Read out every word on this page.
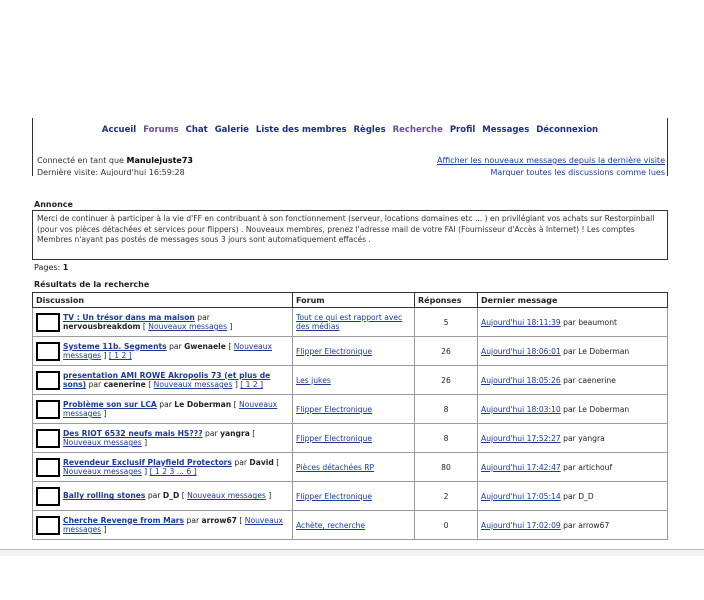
Accueil Forums Chat Galerie Liste des membres Règles Recherche Profil Messages Déconnexion
Connecté en tant que Manulejuste73
Dernière visite: Aujourd'hui 16:59:28
Afficher les nouveaux messages depuis la dernière visite
Marquer toutes les discussions comme lues
Annonce
Merci de continuer à participer à la vie d'FF en contribuant à son fonctionnement (serveur, locations domaines etc ... ) en privilégiant vos achats sur Restorpinball (pour vos pièces détachées et services pour flippers) . Nouveaux membres, prenez l'adresse mail de votre FAI (Fournisseur d'Accès à Internet) ! Les comptes Membres n'ayant pas postés de messages sous 3 jours sont automatiquement effacés .
Pages: 1
Résultats de la recherche
Discussion	Forum	Réponses	Dernier message

TV : Un trésor dans ma maison par nervousbreakdom [ Nouveaux messages ]	Tout ce qui est rapport avec des médias	5	Aujourd'hui 18:11:39 par beaumont

Systeme 11b. Segments par Gwenaele [ Nouveaux messages ] [ 1 2 ]	Flipper Electronique	26	Aujourd'hui 18:06:01 par Le Doberman

presentation AMI ROWE Akropolis 73 (et plus de sons) par caenerine [ Nouveaux messages ] [ 1 2 ]	Les jukes	26	Aujourd'hui 18:05:26 par caenerine

Problème son sur LCA par Le Doberman [ Nouveaux messages ]	Flipper Electronique	8	Aujourd'hui 18:03:10 par Le Doberman

Des RIOT 6532 neufs mais HS??? par yangra [ Nouveaux messages ]	Flipper Electronique	8	Aujourd'hui 17:52:27 par yangra

Revendeur Exclusif Playfield Protectors par David [ Nouveaux messages ] [ 1 2 3 ... 6 ]	Pièces détachées RP	80	Aujourd'hui 17:42:47 par artichouf

Bally rolling stones par D_D [ Nouveaux messages ]	Flipper Electronique	2	Aujourd'hui 17:05:14 par D_D

Cherche Revenge from Mars par arrow67 [ Nouveaux messages ]	Achète, recherche	0	Aujourd'hui 17:02:09 par arrow67
